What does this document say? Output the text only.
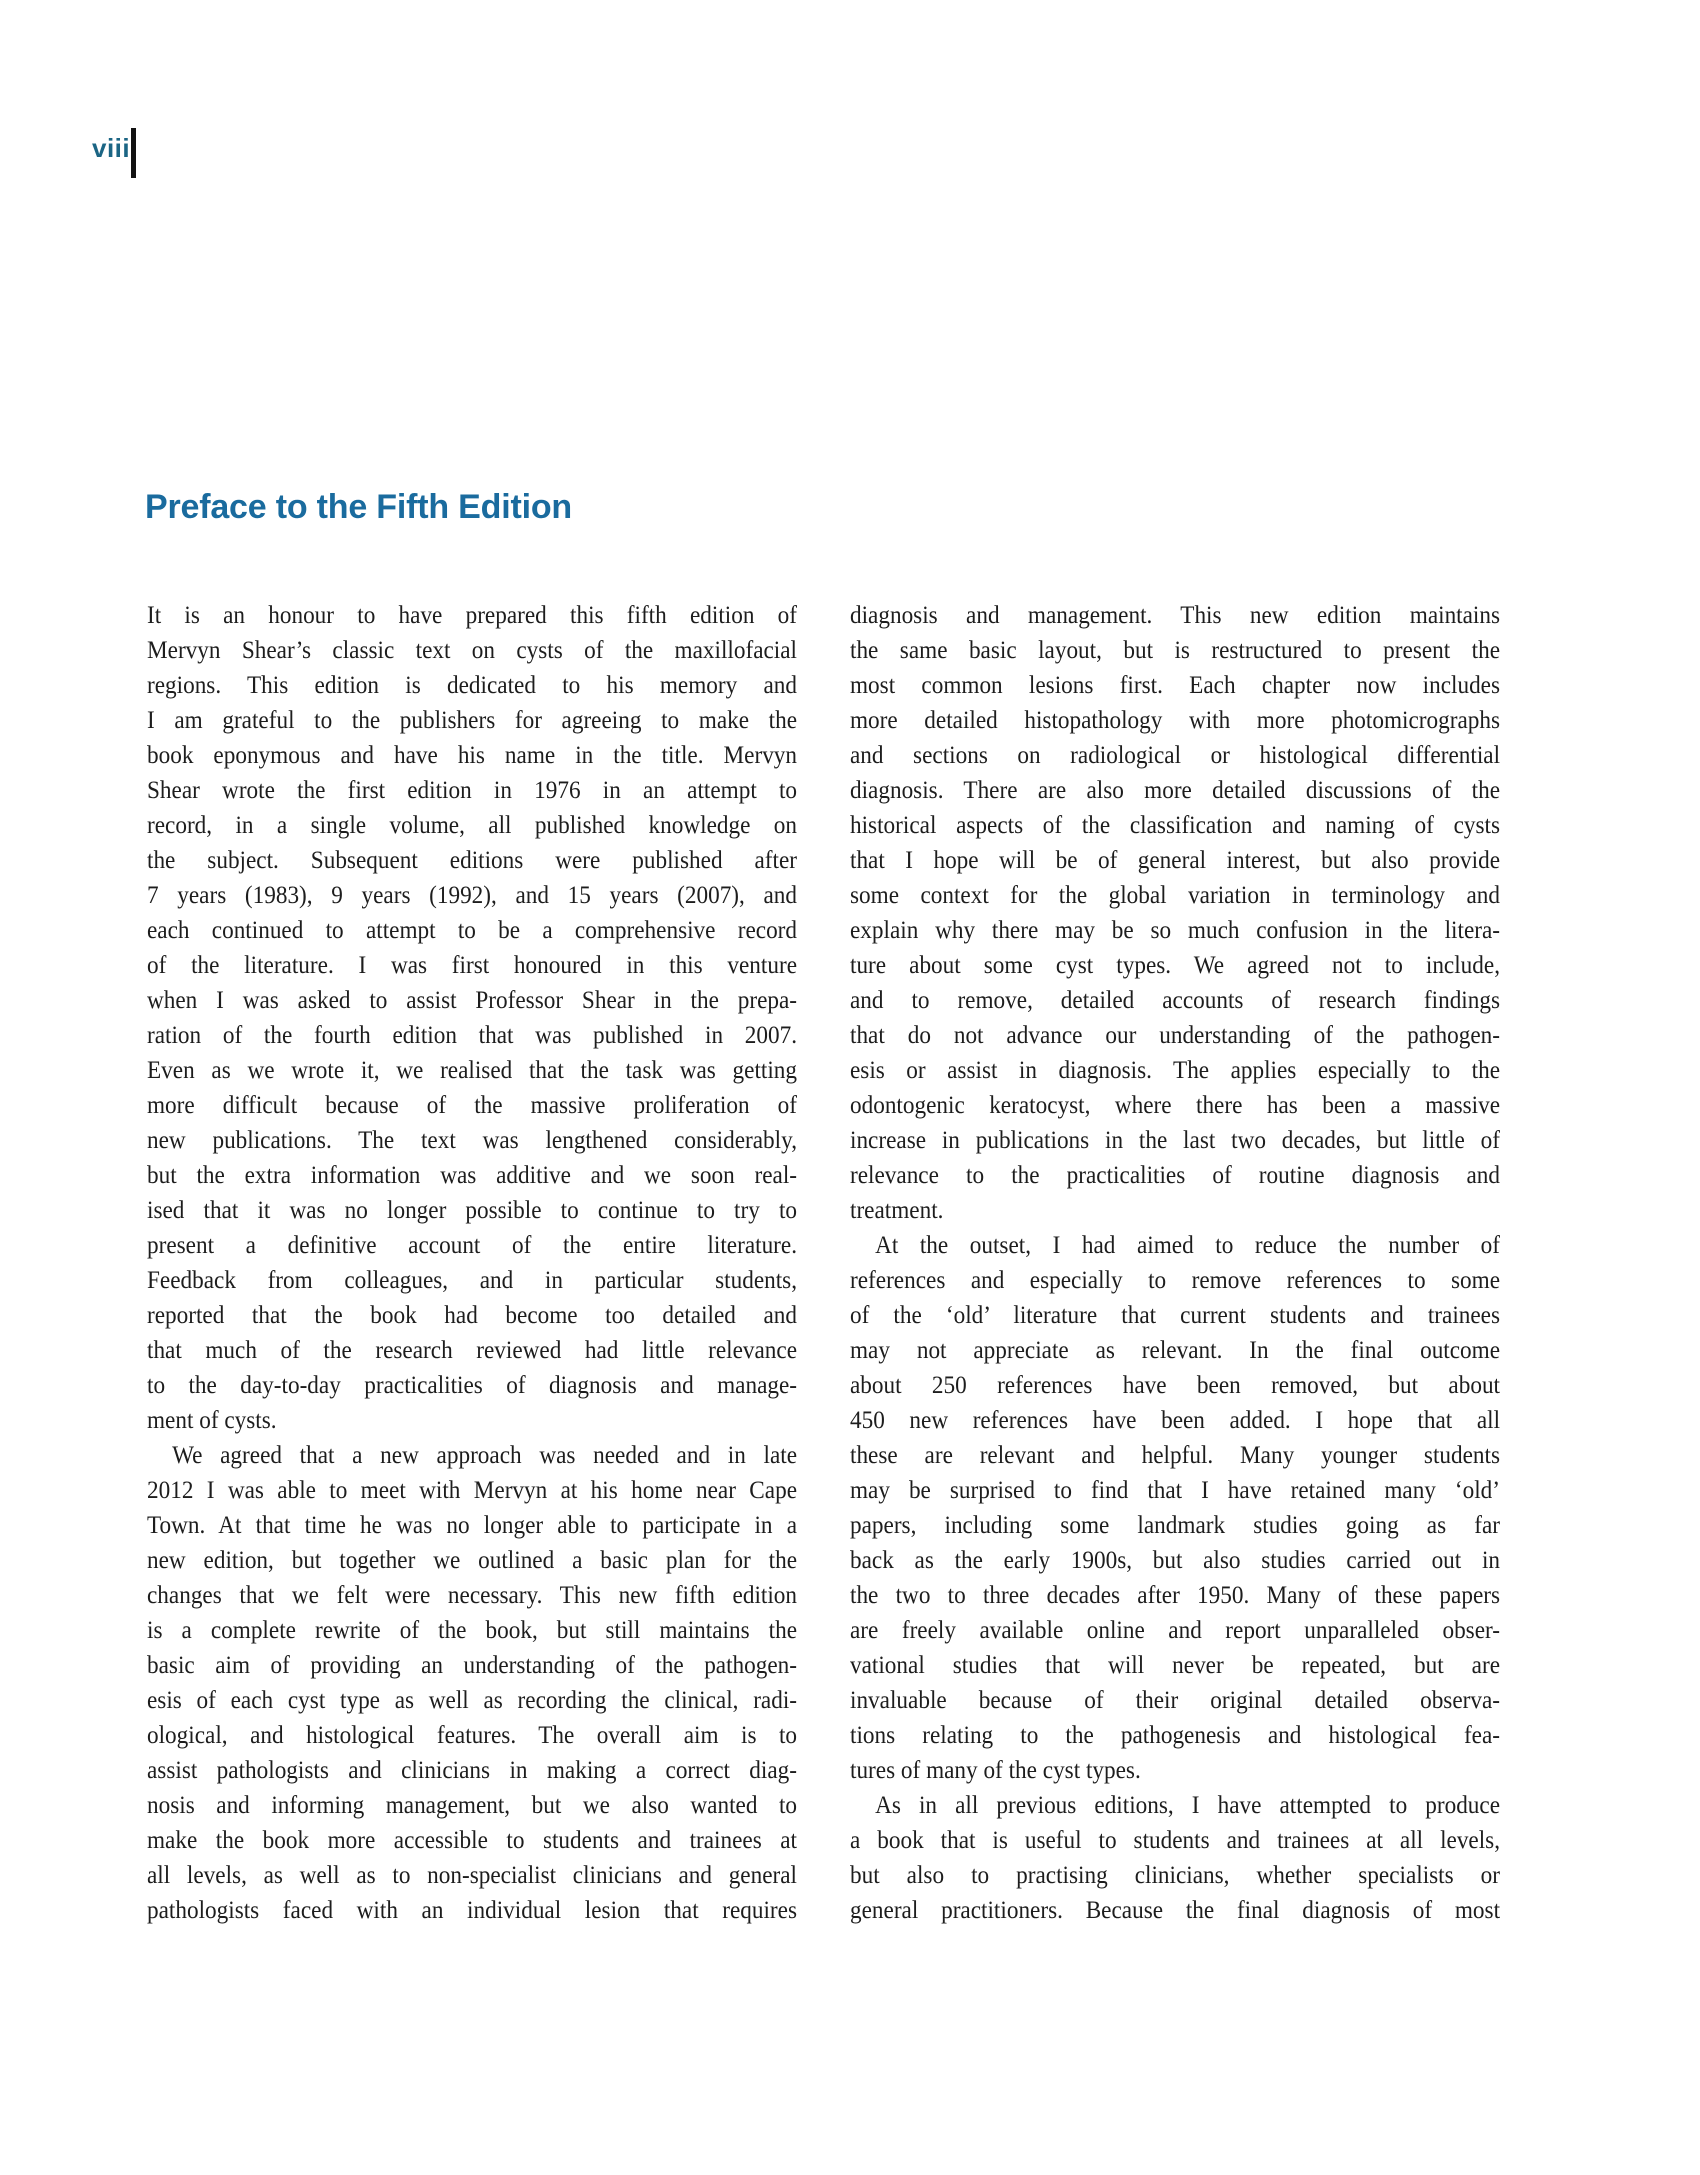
viii
Preface to the Fifth Edition
It is an honour to have prepared this fifth edition of
Mervyn Shear’s classic text on cysts of the maxillofacial
regions. This edition is dedicated to his memory and
I am grateful to the publishers for agreeing to make the
book eponymous and have his name in the title. Mervyn
Shear wrote the first edition in 1976 in an attempt to
record, in a single volume, all published knowledge on
the subject. Subsequent editions were published after
7 years (1983), 9 years (1992), and 15 years (2007), and
each continued to attempt to be a comprehensive record
of the literature. I was first honoured in this venture
when I was asked to assist Professor Shear in the prepa-
ration of the fourth edition that was published in 2007.
Even as we wrote it, we realised that the task was getting
more difficult because of the massive proliferation of
new publications. The text was lengthened considerably,
but the extra information was additive and we soon real-
ised that it was no longer possible to continue to try to
present a definitive account of the entire literature.
Feedback from colleagues, and in particular students,
reported that the book had become too detailed and
that much of the research reviewed had little relevance
to the day-to-day practicalities of diagnosis and manage-
ment of cysts.
We agreed that a new approach was needed and in late
2012 I was able to meet with Mervyn at his home near Cape
Town. At that time he was no longer able to participate in a
new edition, but together we outlined a basic plan for the
changes that we felt were necessary. This new fifth edition
is a complete rewrite of the book, but still maintains the
basic aim of providing an understanding of the pathogen-
esis of each cyst type as well as recording the clinical, radi-
ological, and histological features. The overall aim is to
assist pathologists and clinicians in making a correct diag-
nosis and informing management, but we also wanted to
make the book more accessible to students and trainees at
all levels, as well as to non-specialist clinicians and general
pathologists faced with an individual lesion that requires
diagnosis and management. This new edition maintains
the same basic layout, but is restructured to present the
most common lesions first. Each chapter now includes
more detailed histopathology with more photomicrographs
and sections on radiological or histological differential
diagnosis. There are also more detailed discussions of the
historical aspects of the classification and naming of cysts
that I hope will be of general interest, but also provide
some context for the global variation in terminology and
explain why there may be so much confusion in the litera-
ture about some cyst types. We agreed not to include,
and to remove, detailed accounts of research findings
that do not advance our understanding of the pathogen-
esis or assist in diagnosis. The applies especially to the
odontogenic keratocyst, where there has been a massive
increase in publications in the last two decades, but little of
relevance to the practicalities of routine diagnosis and
treatment.
At the outset, I had aimed to reduce the number of
references and especially to remove references to some
of the ‘old’ literature that current students and trainees
may not appreciate as relevant. In the final outcome
about 250 references have been removed, but about
450 new references have been added. I hope that all
these are relevant and helpful. Many younger students
may be surprised to find that I have retained many ‘old’
papers, including some landmark studies going as far
back as the early 1900s, but also studies carried out in
the two to three decades after 1950. Many of these papers
are freely available online and report unparalleled obser-
vational studies that will never be repeated, but are
invaluable because of their original detailed observa-
tions relating to the pathogenesis and histological fea-
tures of many of the cyst types.
As in all previous editions, I have attempted to produce
a book that is useful to students and trainees at all levels,
but also to practising clinicians, whether specialists or
general practitioners. Because the final diagnosis of most
